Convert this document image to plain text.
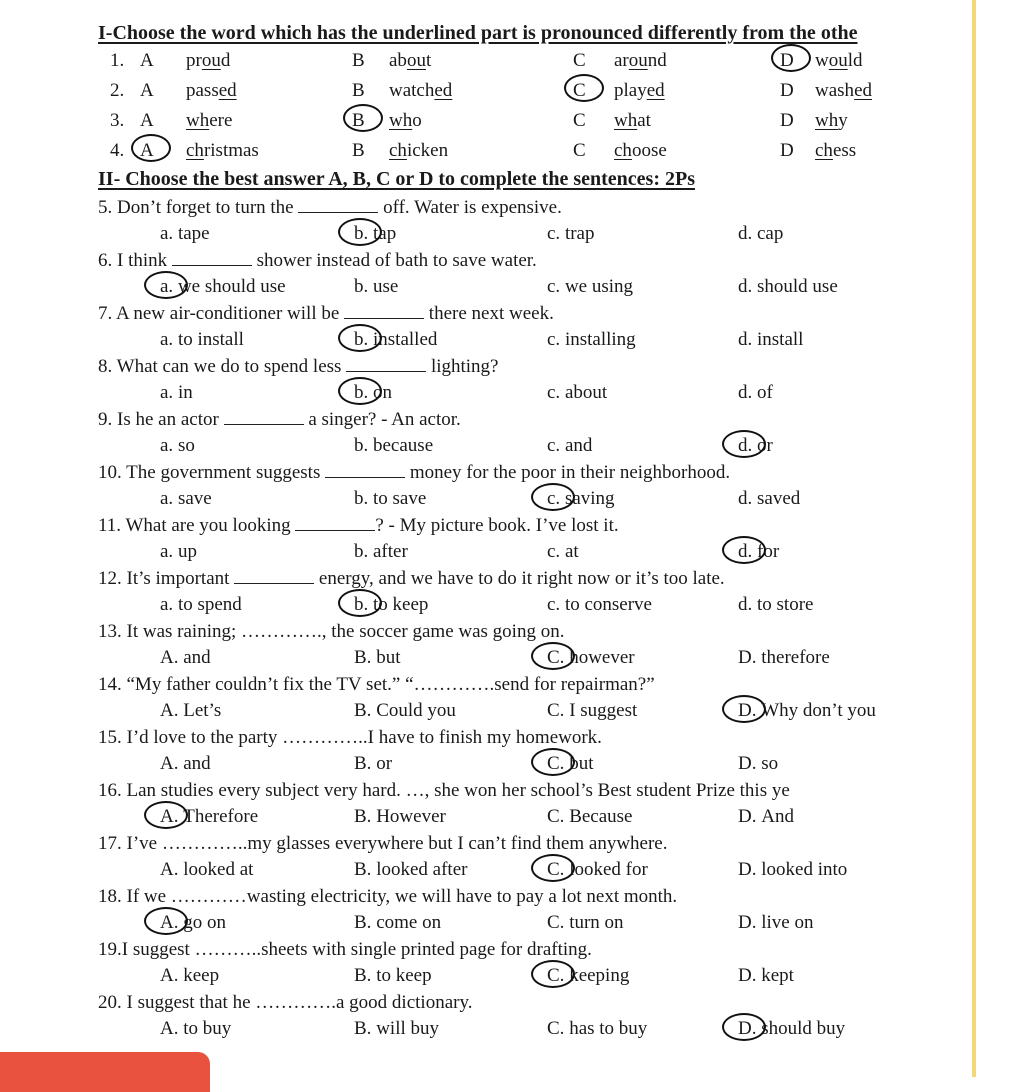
I-Choose the word which has the underlined part is pronounced differently from the othe
1. A proud	B about	C around	D would
2. A passed	B watched	C played	D washed
3. A where	B who	C what	D why
4. A christmas	B chicken	C choose	D chess
II- Choose the best answer A, B, C or D to complete the sentences: 2Ps
5. Don’t forget to turn the	off. Water is expensive.
a. tape	b. tap	c. trap	d. cap
6. I think	shower instead of bath to save water.
a. we should use	b. use	c. we using	d. should use
7. A new air-conditioner will be	there next week.
a. to install	b. installed	c. installing	d. install
8. What can we do to spend less	lighting?
a. in	b. on	c. about	d. of
9. Is he an actor	a singer? - An actor.
a. so	b. because	c. and	d. or
10. The government suggests	money for the poor in their neighborhood.
a. save	b. to save	c. saving	d. saved
11. What are you looking	? - My picture book. I’ve lost it.
a. up	b. after	c. at	d. for
12. It’s important	energy, and we have to do it right now or it’s too late.
a. to spend	b. to keep	c. to conserve	d. to store
13. It was raining; …………., the soccer game was going on.
A. and	B. but	C. however	D. therefore
14. “My father couldn’t fix the TV set.” “………….send for repairman?”
A. Let’s	B. Could you	C. I suggest	D. Why don’t you
15. I’d love to the party …………..I have to finish my homework.
A. and	B. or	C. but	D. so
16. Lan studies every subject very hard. …, she won her school’s Best student Prize this ye
A. Therefore	B. However	C. Because	D. And
17. I’ve …………..my glasses everywhere but I can’t find them anywhere.
A. looked at	B. looked after	C. looked for	D. looked into
18. If we …………wasting electricity, we will have to pay a lot next month.
A. go on	B. come on	C. turn on	D. live on
19.I suggest ………..sheets with single printed page for drafting.
A. keep	B. to keep	C. keeping	D. kept
20. I suggest that he ………….a good dictionary.
A. to buy	B. will buy	C. has to buy	D. should buy
